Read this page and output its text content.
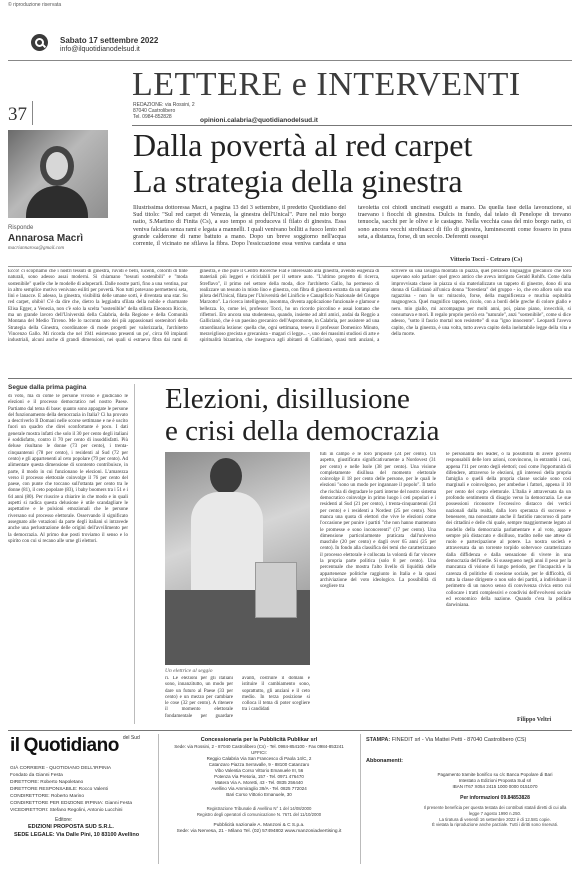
© riproduzione riservata
Sabato 17 settembre 2022
info@ilquotidianodelsud.it
37
LETTERE e INTERVENTI
REDAZIONE: via Rossini, 2
87040 Castrolibero
Tel. 0984-852828	opinioni.calabria@quotidianodelsud.it
Dalla povertà al red carpet
La strategia della ginestra
Risponde
Annarosa Macrì
macriannarosa@gmail.com
Illustrissima dottoressa Macrì, a pagina 13 del 3 settembre, il predetto Quotidiano del Sud titolo: "Sul red carpet di Venezia, la ginestra dell'Unical". Pure nel mio borgo natio, S.Martino di Finita (Cs), a suo tempo si produceva il filato di ginestra. Essa veniva falciata senza rami e legata a mannelli. I quali venivano bolliti a fuoco lento nel grande calderone di rame battuto a mano. Dopo un breve soggiorno nell'acqua corrente, il vicinato ne sfilava la fibra. Dopo l'essiccazione essa veniva cardata e una tavoletta coi chiodi uncinati eseguiti a mano. Da quella fase della lavorazione, si traevano i fiocchi di ginestra. Dulcis in fundo, dal telaio di Penelope di trevano tenuocla, sacchi per le olive e le castagne. Nella vecchia casa del mio borgo natio, ci sono ancora vecchi strofinacci di filo di ginestra, luminescenti come fossero in pura seta, a distanza, forse, di un secolo. Deferenti ossequi
Vittorio Tocci - Cetraro (Cs)
Ecco! ci scopriamo che i nostri tessuti di ginestra, ruvidi e belli, lucenti, coloriti di tinte naturali, sono adesso assai moderni. Si chiamano "tessuti sostenibili" e "moda sostenibile" quelle che le modelle di adoperarli. Dalle nostre parti, fino a una ventina, pur in altro semplice motivo venivano esiliti per povertà. Non tutti potevano permettersi seta, lini e lanacce. E adesso, la ginestra, visibilità delle umane sorti, è diventata una star. Su red carpet, ohibò! C'è da dire che, dietro la leggiadra sfilata della nobile e charmante Elisa Egger, a Venezia, non c'è solo la scelta "sostenibile" della stilista Eleonora Riccio, ma un grande lavoro dell'Università della Calabria, della Regione e della Comunità Montana del Medio Tirreno. Me lo racconta uno dei più appassionati sostenitori della Strategia della Ginestra, coordinatore di mode progetti per valorizzarla, l'architetto Vincenzo Gallo. Mi ricorda che nel 1941 esistevano presenti un po', circa 60 impianti industriali, alcuni anche di grandi dimensioni, nei quali si estraeva fibra dai rami di ginestra, e che pure il Centro Ricerche Fiat è interessato alla ginestra, avendo esigenza di materiali più leggeri e riciclabili per il settore auto. "L'ultimo progetto di ricerca, Streflavo", il primo nel settore della moda, dice l'architetto Gallo, ha permesso di realizzare un tessuto in misto lino e ginestra, con fibra di ginestra estratta da un impianto pilota dell'Unical, filata per l'Università del Linificio e Canapificio Nazionale del Gruppo Marzotto". La ricerca intelligente, insomma, diventa applicazione funzionale e glamour e bellezza. Io, come lei, professor Tocci, ho un ricordo piccolino e assai lontano che riflettori. Ero ancora una studentessa, quando, insieme ad altri amici, andai da Reggio a Gallicianò, che è un paesino grecanico dell'Aspromonte, in Calabria, per assistere ad una straordinaria lezione: quella che, ogni settimana, teneva il professor Domenico Minuto, meraviglioso grecista e grecanista - magari ci legge... -, uno dei massimi studiosi di arte e spiritualità bizantina, che insegnava agli abitanti di Gallicianò, quasi tutti anziani, a scrivere su una lavagna montata in piazza, quel prezioso linguaggio grecanico che loro sapevano solo parlare: quel greco antico che aveva intrigato Gerald Rohlfs. Come dalla improvvisata classe in piazza si sia materializzato un tappeto di ginestre, dono di una donna di Gallicianò all'unica donna "forestiera" del gruppo - io, che ero alloro solo una ragazzina - non lo so: miracolo, forse, della magnificenza e muchia ospitalità magnogreca. Quel magnifico tappeto, ricolo, con a bordi delle greche di colore giallo e nero. mio giallo, mi accompagna per molti anni, poi, piano piano, invecchiò, si consumava e morì. Il regalo proprio perciò era "naturale", anzi "sostenibile", come si dice adesso, "sotto il fascio mortal non resistette" di sua "igno innocente". Leopardi l'aveva capito, che la ginestra, è una volta, tutto aveva capito della ineluttabile legge della vita e della morte.
Segue dalla prima pagina	Elezioni, disillusione
e crisi della democrazia
di voto, ma di come le persone vivono e giudicano le elezioni e il processo democratico nel nostro Paese. Partiamo dal tema di base: quanto sono appagate le persone del funzionamento della democrazia in Italia? Ci ha provato a descriverlo Il Domani nelle scorse settimane e ne è uscito fuori un quadro che direi sconfortante è poco. I dati generale mostra infatti che solo il 30 per cento degli italiani è soddisfatto, contro il 70 per cento di insoddisfatti. Più deluse risultano le donne (73 per cento), i trenta-cinquantenni (78 per cento), i residenti al Sud (72 per cento) e gli appartenenti al ceto popolare (79 per cento). Ad alimentare questa dimensione di scontento contribuisce, in parte, il modo in cui funzionano le elezioni. L'amarezza verso il processo elettorale coinvolge il 76 per cento del paese, con punte che toccano sull'ottanta per cento tra le donne (81), il ceto popolare (83), i baby boomers tra i 51 e i 64 anni (80). Per riuscire a chiarire in che modo e in quali aspetti si radica questa delusione è utile scandagliare le aspettative e le pulsioni emozionali che le persone riversano sul processo elettorale. Osservando il significato assegnato alle votazioni da parte degli italiani si intravede anche una perlustrazione delle origini dell'avvilimento per la democrazia. Al primo due posti troviamo il senso e lo spirito con cui si recano alle urne gli elettori.
Un elettrice al seggio
ri. Le elezioni per gli italiani sono, innanzitutto, un modo per dare un futuro al Paese (33 per cento) e un mezzo per cambiare le cose (32 per cento). A ritenere il momento elettorale fondamentale per guardare avanti, costruire il domani e istituire il cambiamento sono, soprattutto, gli anziani e il ceto medio. In terza posizione si colloca il tema di poter scegliere tra i candidati
tuti in campo e le loro proposte (24 per cento). Un aspetto, giustificato significativamente a Nordovest (31 per cento) e nelle Isole (38 per cento). Una visione completamente disillusa del momento elettorale coinvolge il 18 per cento delle persone, per le quali le elezioni "sono un modo per ingannare il popolo". Il tarlo che rischia di degradare le parti interne del nostro sistema democratico coinvolge in primo luogo i ceti popolari e i residenti al Sud (21 per cento), i trenta-cinquantenni (24 per cento) e i residenti a Nordest (25 per cento). Non manca una quota di elettori che vive le elezioni come l'occasione per punire i partiti "che non hanno mantenuto le promesse e sono inconcerenti" (17 per cento). Una dimensione particolarmente praticata dall'universo maschile (20 per cento) e dagli over 65 anni (25 per cento). In fondo alla classifica dei temi che caratterizzano il processo elettorale è collocata la volontà di far vincere la propria parte politica (solo 8 per cento). Una percentuale che mostra l'alto livello di liquidità delle appartenenze politiche raggiunto in Italia e la quasi archiviazione del voto ideologico. La possibilità di scegliere tra
le personalità dei leader, o la possibilità di avere governi responsabili delle loro azioni, convincono, in entrambi i casi, appena l'11 per cento degli elettori; così come l'opportunità di difendere, attraverso le elezioni, gli interessi della propria famiglia o quelli della propria classe sociale sono così marginali e coinvolgono, per ambedue i fattori, appena il 10 per cento del corpo elettorale. L'Italia è attraversata da un profondo sentimento di disagio verso la democrazia. Le sue possessioni riconsorre l'eccessivo distacco dei vertici nazionali dalla realtà, dalla loro speranza di successo e benessere, ma nonostante anche il fastidio rancoroso di parte dei cittadini e delle chi quale, sempre maggiormente legato al modello della democrazia parlamentare e al voto, appare sempre più distaccato e disilluso, tradito nelle sue attese di ruolo e partecipazione al potere. La nostra società e attraversata da un torrente torpido soltervoce caratterizzato dalla diffidenza e dalla sensazione di vivere in una democrazia dell'inedie. Si sussegueno negli anni il peso per la mancanza di visione di lungo periodo, per l'incapacità e la carenza di politiche di coesione sociale, per le difficoltà, di tutta la classe dirigente o non solo dei partiti, a individuare il perimetro di un nuovo senso di convivenza civica entro cui collocare i tratti complessivi e condivisi dell'evolversi sociale ed economico della nazione. Quando c'era la politica darwiniana.
Filippo Veltri
il Quotidiano $^{del Sud}$
GIÀ CORRIERE - QUOTIDIANO DELL'IRPINIA
Fondato da Gianni Festa
DIRETTORE: Roberto Napoletano
DIRETTORE RESPONSABILE: Rocco Valenti
CONDIRETTORE: Roberto Marino
CONDIRETTORE PER EDIZIONE IRPINIA: Gianni Festa
VICEDIRETTORI: Stefano Regolini, Antonio Lucchini
Editore:
EDIZIONI PROPOSTA SUD S.R.L.
SEDE LEGALE: Via Dalle Pini, 10 83100 Avellino
Concessionaria per la Pubblicità Publikar srl
Sede: via Rossini, 2 - 87040 Castrolibero (Cs) - Tel. 0984-854100 - Fax 0984-853241
UFFICI:
Reggio Calabria Via San Francesco di Paola 14/C, 2
Catanzaro Piazza Serravalle, 9 - 88100 Catanzaro
Vibo Valentia Corso Vittorio Emanuele III, 56
Potenza Via Pretoria, 157 - Tel. 0971 476470
Matera Via A. Moretti, 43 - Tel. 0835 256440
Avellino Via Ammiraglio 39/A - Tel. 0825 772024
Bari Corso Vittorio Emanuele, 30
Registrazione Tribunale di Avellino N° 1 del 14/08/2000
Registro degli operatori di comunicazione N. 7671 del 11/10/2000
Pubblicità nazionale A. Manzoni & C S.p.a.
Sede: via Nervesa, 21 - Milano Tel. (02) 57494802 www.manzoniadvertising.it
STAMPA: FINEDIT srl - Via Mattei Petti - 87040 Castrolibero (CS)
Abbonamenti:
Pagamento tramite bonifico su c/c Banca Popolare di Bari
Intestato a Edizioni Proposta Sud srl
IBAN IT67 X054 2415 1000 0000 0151070
Per informazioni 09.84853828
Il presente beneficia per questa testata dei contributi statali diretti di cui alla legge 7 agosto 1990 n.250.
La tiratura di venerdì 16 settembre 2022 è di 12.581 copie.
È vietata la riproduzione anche parziale. Tutti i diritti sono riservati.
